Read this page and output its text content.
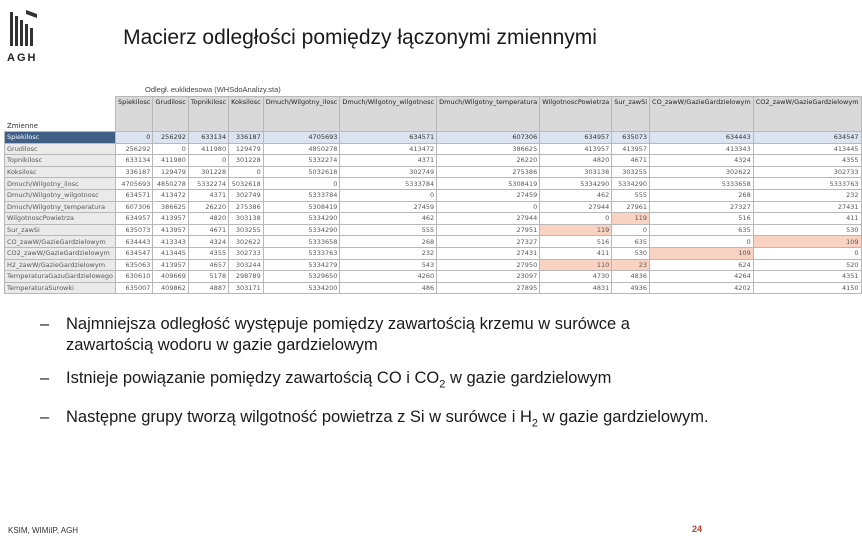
AGH
Macierz odległości pomiędzy łączonymi zmiennymi
Odległ. euklidesowa (WHSdoAnalizy.sta)
Zmienne	Spiekilosc	Grudilosc	Topnikilosc	Koksilosc	Dmuch/Wilgotny_ilosc	Dmuch/Wilgotny_wilgotnosc	Dmuch/Wilgotny_temperatura	WilgotnoscPowietrza	Sur_zawSi	CO_zawW/GazieGardzielowym	CO2_zawW/GazieGardzielowym
Spiekilosc	0	256292	633134	336187	4705693	634571	607306	634957	635073	634443	634547
Grudilosc	256292	0	411980	129479	4850278	413472	386625	413957	413957	413343	413445
Topnikilosc	633134	411980	0	301228	5332274	4371	26220	4820	4671	4324	4355
Koksilosc	336187	129479	301228	0	5032618	302749	275386	303138	303255	302622	302733
Dmuch/Wilgotny_ilosc	4705693	4850278	5332274	5032618	0	5333784	5308419	5334290	5334290	5333658	5333763
Dmuch/Wilgotny_wilgotnosc	634571	413472	4371	302749	5333784	0	27459	462	555	268	232
Dmuch/Wilgotny_temperatura	607306	386625	26220	275386	5308419	27459	0	27944	27961	27327	27431
WilgotnoscPowietrza	634957	413957	4820	303138	5334290	462	27944	0	119	516	411
Sur_zawSi	635073	413957	4671	303255	5334290	555	27951	119	0	635	530
CO_zawW/GazieGardzielowym	634443	413343	4324	302622	5333658	268	27327	516	635	0	109
CO2_zawW/GazieGardzielowym	634547	413445	4355	302733	5333763	232	27431	411	530	109	0
H2_zawW/GazieGardzielowym	635063	413957	4657	303244	5334279	543	27950	110	23	624	520
TemperaturaGazuGardzielowego	630610	409669	5178	298789	5329650	4260	23097	4730	4836	4264	4351
TemperaturaSurowki	635007	409862	4887	303171	5334200	486	27895	4831	4936	4202	4150
– Najmniejsza odległość występuje pomiędzy zawartością krzemu w surówce a zawartością wodoru w gazie gardzielowym
– Istnieje powiązanie pomiędzy zawartością CO i $CO_2$ w gazie gardzielowym
– Następne grupy tworzą wilgotność powietrza z Si w surówce i $H_2$ w gazie gardzielowym.
KSIM, WIMiIP, AGH	24
